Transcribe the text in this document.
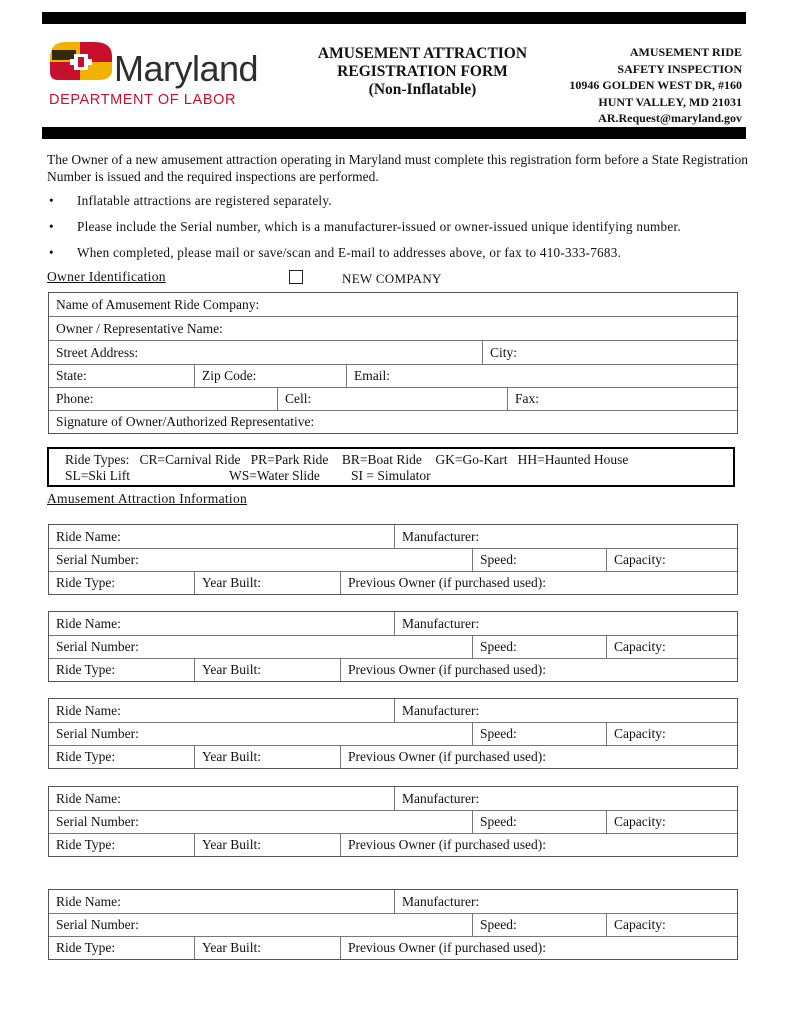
Maryland
DEPARTMENT OF LABOR
AMUSEMENT ATTRACTION
REGISTRATION FORM
(Non-Inflatable)
AMUSEMENT RIDE
SAFETY INSPECTION
10946 GOLDEN WEST DR, #160
HUNT VALLEY, MD 21031
AR.Request@maryland.gov
The Owner of a new amusement attraction operating in Maryland must complete this registration form before a State Registration Number is issued and the required inspections are performed.
• Inflatable attractions are registered separately.
• Please include the Serial number, which is a manufacturer-issued or owner-issued unique identifying number.
• When completed, please mail or save/scan and E-mail to addresses above, or fax to 410-333-7683.
Owner Identification	NEW COMPANY
Name of Amusement Ride Company:
Owner / Representative Name:
Street Address:	City:
State:	Zip Code:	Email:
Phone:	Cell:	Fax:
Signature of Owner/Authorized Representative:
Ride Types:   CR=Carnival Ride   PR=Park Ride    BR=Boat Ride    GK=Go-Kart   HH=Haunted House
SL=Ski Lift	WS=Water Slide SI = Simulator
Amusement Attraction Information
Ride Name:	Manufacturer:
Serial Number:	Speed:	Capacity:
Ride Type:	Year Built:	Previous Owner (if purchased used):
Ride Name:	Manufacturer:
Serial Number:	Speed:	Capacity:
Ride Type:	Year Built:	Previous Owner (if purchased used):
Ride Name:	Manufacturer:
Serial Number:	Speed:	Capacity:
Ride Type:	Year Built:	Previous Owner (if purchased used):
Ride Name:	Manufacturer:
Serial Number:	Speed:	Capacity:
Ride Type:	Year Built:	Previous Owner (if purchased used):
Ride Name:	Manufacturer:
Serial Number:	Speed:	Capacity:
Ride Type:	Year Built:	Previous Owner (if purchased used):
